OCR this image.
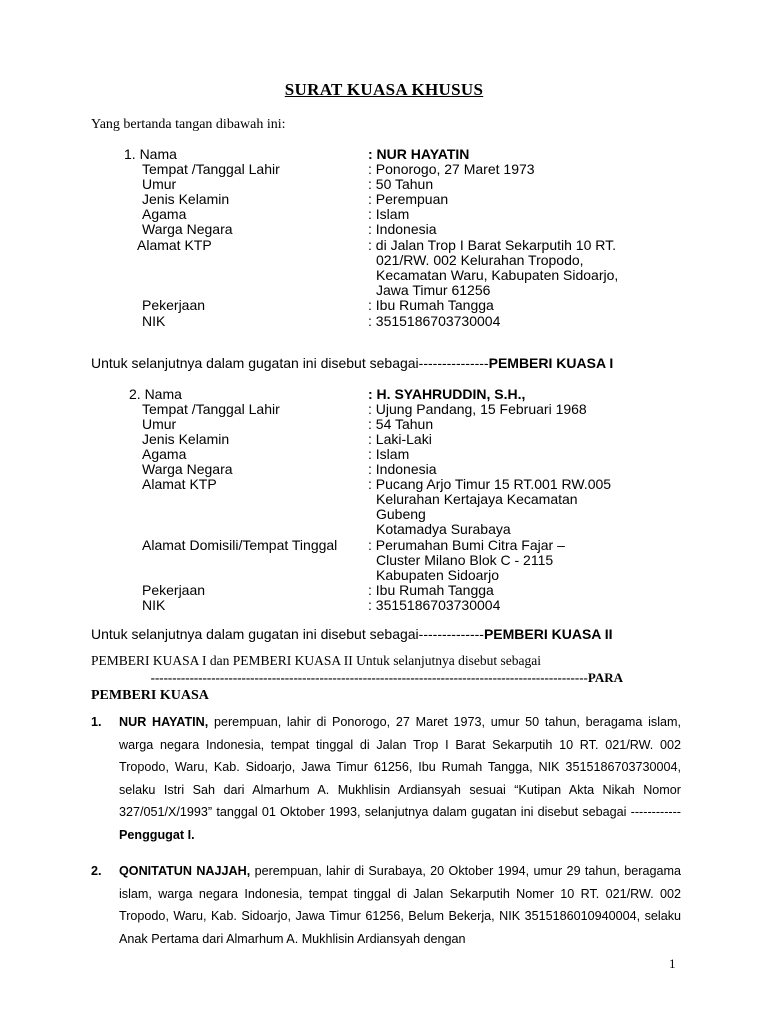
SURAT KUASA KHUSUS
Yang bertanda tangan dibawah ini:
1. Nama	: NUR HAYATIN
Tempat /Tanggal Lahir	: Ponorogo, 27 Maret 1973
Umur	: 50 Tahun
Jenis Kelamin	: Perempuan
Agama	: Islam
Warga Negara	: Indonesia
Alamat KTP	: di Jalan Trop I Barat Sekarputih 10 RT.
021/RW. 002 Kelurahan Tropodo,
Kecamatan Waru, Kabupaten Sidoarjo,
Jawa Timur 61256
Pekerjaan	: Ibu Rumah Tangga
NIK	: 3515186703730004
Untuk selanjutnya dalam gugatan ini disebut sebagai---------------PEMBERI KUASA I
2. Nama	: H. SYAHRUDDIN, S.H.,
Tempat /Tanggal Lahir	: Ujung Pandang, 15 Februari 1968
Umur	: 54 Tahun
Jenis Kelamin	: Laki-Laki
Agama	: Islam
Warga Negara	: Indonesia
Alamat KTP	: Pucang Arjo Timur 15 RT.001 RW.005
Kelurahan Kertajaya Kecamatan
Gubeng
Kotamadya Surabaya
Alamat Domisili/Tempat Tinggal : Perumahan Bumi Citra Fajar –
Cluster Milano Blok C - 2115
Kabupaten Sidoarjo
Pekerjaan	: Ibu Rumah Tangga
NIK	: 3515186703730004
Untuk selanjutnya dalam gugatan ini disebut sebagai--------------PEMBERI KUASA II
PEMBERI KUASA I dan PEMBERI KUASA II Untuk selanjutnya disebut sebagai
-----------------------------------------------------------------------------------------------------PARA
PEMBERI KUASA
1. NUR HAYATIN, perempuan, lahir di Ponorogo, 27 Maret 1973, umur 50 tahun, beragama islam, warga negara Indonesia, tempat tinggal di Jalan Trop I Barat Sekarputih 10 RT. 021/RW. 002 Tropodo, Waru, Kab. Sidoarjo, Jawa Timur 61256, Ibu Rumah Tangga, NIK 3515186703730004, selaku Istri Sah dari Almarhum A. Mukhlisin Ardiansyah sesuai “Kutipan Akta Nikah Nomor 327/051/X/1993” tanggal 01 Oktober 1993, selanjutnya dalam gugatan ini disebut sebagai ------------Penggugat I.
2. QONITATUN NAJJAH, perempuan, lahir di Surabaya, 20 Oktober 1994, umur 29 tahun, beragama islam, warga negara Indonesia, tempat tinggal di Jalan Sekarputih Nomer 10 RT. 021/RW. 002 Tropodo, Waru, Kab. Sidoarjo, Jawa Timur 61256, Belum Bekerja, NIK 3515186010940004, selaku Anak Pertama dari Almarhum A. Mukhlisin Ardiansyah dengan
1
